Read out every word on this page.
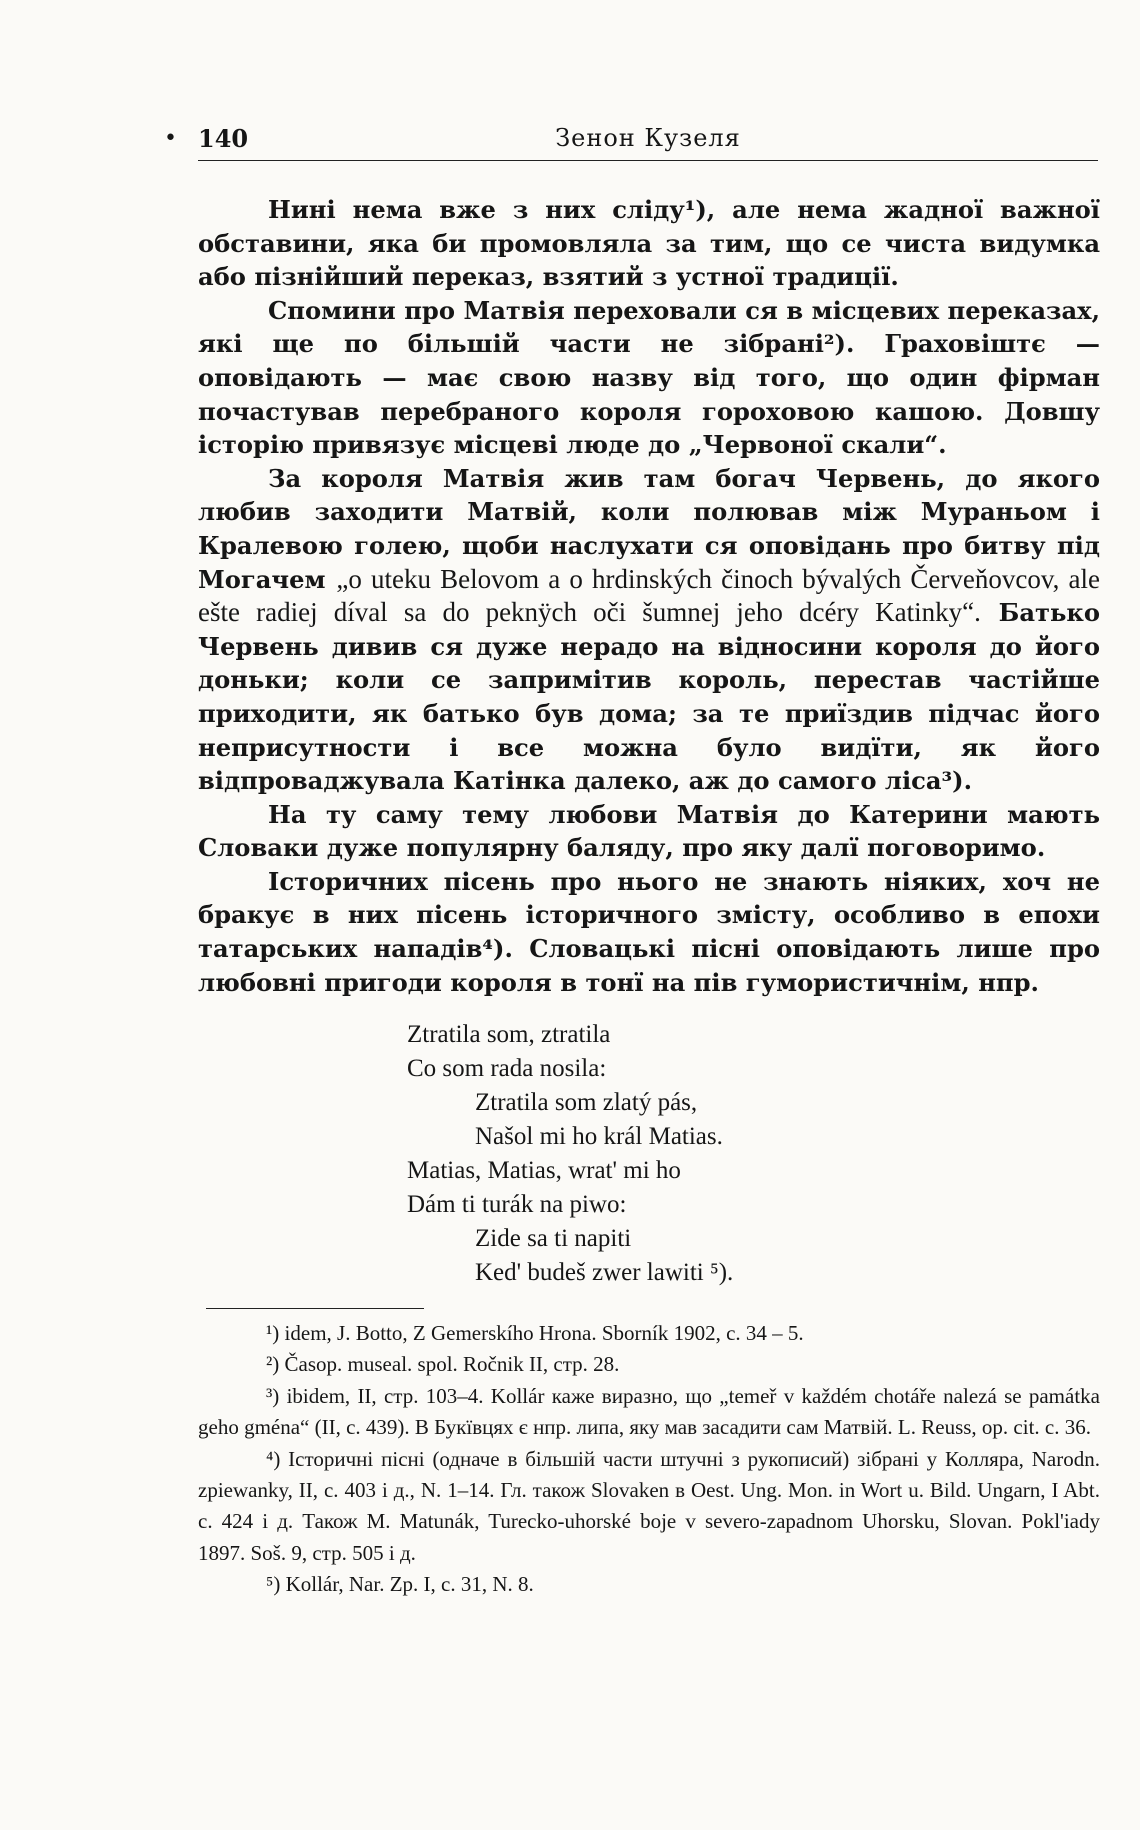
• 140	Зенон Кузеля

Нині нема вже з них сліду¹), але нема жадної важної обставини, яка би промовляла за тим, що се чиста видумка або пізнійший переказ, взятий з устної традиції.

Спомини про Матвія переховали ся в місцевих переказах, які ще по більшій части не зібрані²). Граховіштє — оповідають — має свою назву від того, що один фірман почастував перебраного короля гороховою кашою. Довшу історію привязує місцеві люде до „Червоної скали“.

За короля Матвія жив там богач Червень, до якого любив заходити Матвій, коли полював між Мураньом і Кралевою голею, щоби наслухати ся оповідань про битву під Могачем „o uteku Belovom a o hrdinských činoch bývalých Červeňovcov, ale ešte radiej díval sa do peknÿch oči šumnej jeho dcéry Katinky“. Батько Червень дивив ся дуже нерадо на відносини короля до його доньки; коли се запримітив король, перестав частійше приходити, як батько був дома; за те приїздив підчас його неприсутности і все можна було видїти, як його відпроваджувала Катінка далеко, аж до самого ліса³).

На ту саму тему любови Матвія до Катерини мають Словаки дуже популярну баляду, про яку далї поговоримо.

Історичних пісень про нього не знають ніяких, хоч не бракує в них пісень історичного змісту, особливо в епохи татарських нападів⁴). Словацькі пісні оповідають лише про любовні пригоди короля в тонї на пів гумористичнім, нпр.

Ztratila som, ztratila
Co som rada nosila:
Ztratila som zlatý pás,
Našol mi ho král Matias.
Matias, Matias, wrat' mi ho
Dám ti turák na piwo:
Zide sa ti napiti
Ked' budeš zwer lawiti ⁵).

¹) idem, J. Botto, Z Gemerskího Hrona. Sborník 1902, c. 34 – 5.

²) Časop. museal. spol. Ročnik II, стр. 28.

³) ibidem, II, стр. 103–4. Kollár каже виразно, що „temeř v každém chotáře nalezá se památka geho gména“ (II, c. 439). В Букївцях є нпр. липа, яку мав засадити сам Матвій. L. Reuss, op. cit. c. 36.

⁴) Історичні пісні (одначе в більшій части штучні з рукописий) зібрані у Колляра, Narodn. zpiewanky, II, c. 403 і д., N. 1–14. Гл. також Slovaken в Oest. Ung. Mon. in Wort u. Bild. Ungarn, I Abt. c. 424 і д. Також M. Matunák, Turecko-uhorské boje v severo-zapadnom Uhorsku, Slovan. Pokl'iady 1897. Soš. 9, стр. 505 і д.

⁵) Kollár, Nar. Zp. I, c. 31, N. 8.
